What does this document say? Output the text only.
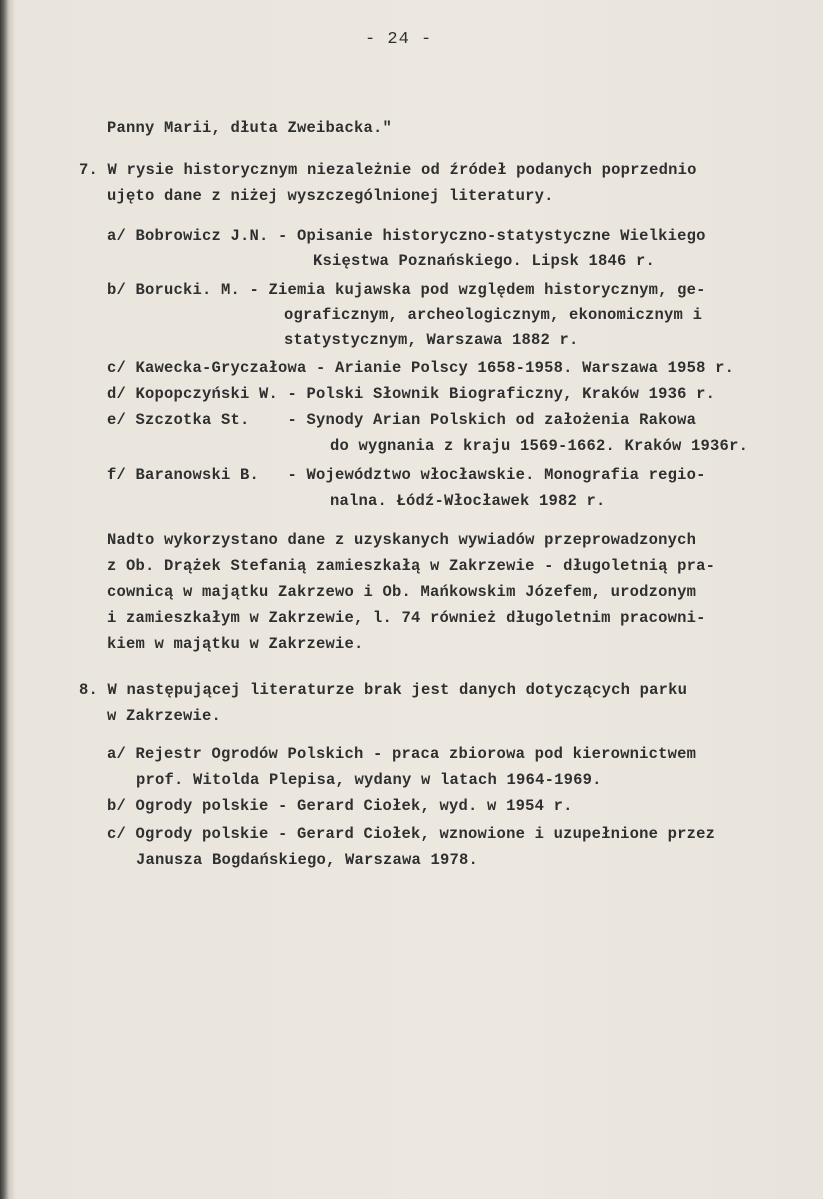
- 24 -
Panny Marii, dłuta Zweibacka."
7. W rysie historycznym niezależnie od źródeł podanych poprzednio
ujęto dane z niżej wyszczególnionej literatury.
a/ Bobrowicz J.N. - Opisanie historyczno-statystyczne Wielkiego
Księstwa Poznańskiego. Lipsk 1846 r.
b/ Borucki. M. - Ziemia kujawska pod względem historycznym, ge-
ograficznym, archeologicznym, ekonomicznym i
statystycznym, Warszawa 1882 r.
c/ Kawecka-Gryczałowa - Arianie Polscy 1658-1958. Warszawa 1958 r.
d/ Kopopczyński W. - Polski Słownik Biograficzny, Kraków 1936 r.
e/ Szczotka St.    - Synody Arian Polskich od założenia Rakowa
do wygnania z kraju 1569-1662. Kraków 1936r.
f/ Baranowski B.   - Województwo włocławskie. Monografia regio-
nalna. Łódź-Włocławek 1982 r.
Nadto wykorzystano dane z uzyskanych wywiadów przeprowadzonych
z Ob. Drążek Stefanią zamieszkałą w Zakrzewie - długoletnią pra-
cownicą w majątku Zakrzewo i Ob. Mańkowskim Józefem, urodzonym
i zamieszkałym w Zakrzewie, l. 74 również długoletnim pracowni-
kiem w majątku w Zakrzewie.
8. W następującej literaturze brak jest danych dotyczących parku
w Zakrzewie.
a/ Rejestr Ogrodów Polskich - praca zbiorowa pod kierownictwem
prof. Witolda Plepisa, wydany w latach 1964-1969.
b/ Ogrody polskie - Gerard Ciołek, wyd. w 1954 r.
c/ Ogrody polskie - Gerard Ciołek, wznowione i uzupełnione przez
Janusza Bogdańskiego, Warszawa 1978.
